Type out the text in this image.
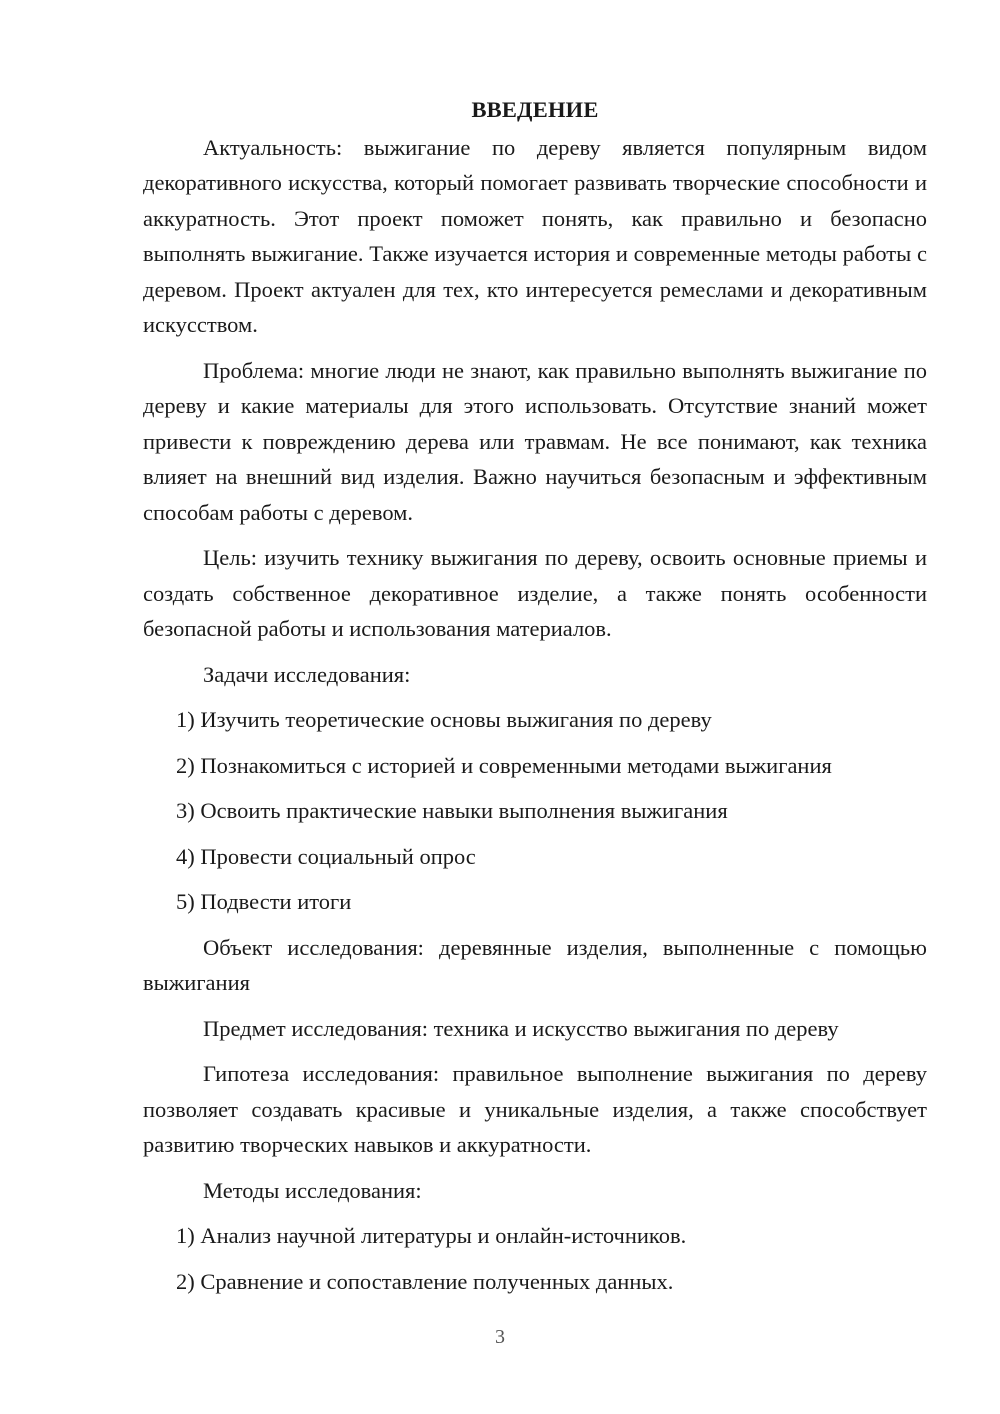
ВВЕДЕНИЕ

Актуальность: выжигание по дереву является популярным видом декоративного искусства, который помогает развивать творческие способности и аккуратность. Этот проект поможет понять, как правильно и безопасно выполнять выжигание. Также изучается история и современные методы работы с деревом. Проект актуален для тех, кто интересуется ремеслами и декоративным искусством.

Проблема: многие люди не знают, как правильно выполнять выжигание по дереву и какие материалы для этого использовать. Отсутствие знаний может привести к повреждению дерева или травмам. Не все понимают, как техника влияет на внешний вид изделия. Важно научиться безопасным и эффективным способам работы с деревом.

Цель: изучить технику выжигания по дереву, освоить основные приемы и создать собственное декоративное изделие, а также понять особенности безопасной работы и использования материалов.

Задачи исследования:

1) Изучить теоретические основы выжигания по дереву
2) Познакомиться с историей и современными методами выжигания
3) Освоить практические навыки выполнения выжигания
4) Провести социальный опрос
5) Подвести итоги

Объект исследования: деревянные изделия, выполненные с помощью выжигания

Предмет исследования: техника и искусство выжигания по дереву

Гипотеза исследования: правильное выполнение выжигания по дереву позволяет создавать красивые и уникальные изделия, а также способствует развитию творческих навыков и аккуратности.

Методы исследования:

1) Анализ научной литературы и онлайн-источников.
2) Сравнение и сопоставление полученных данных.
3
